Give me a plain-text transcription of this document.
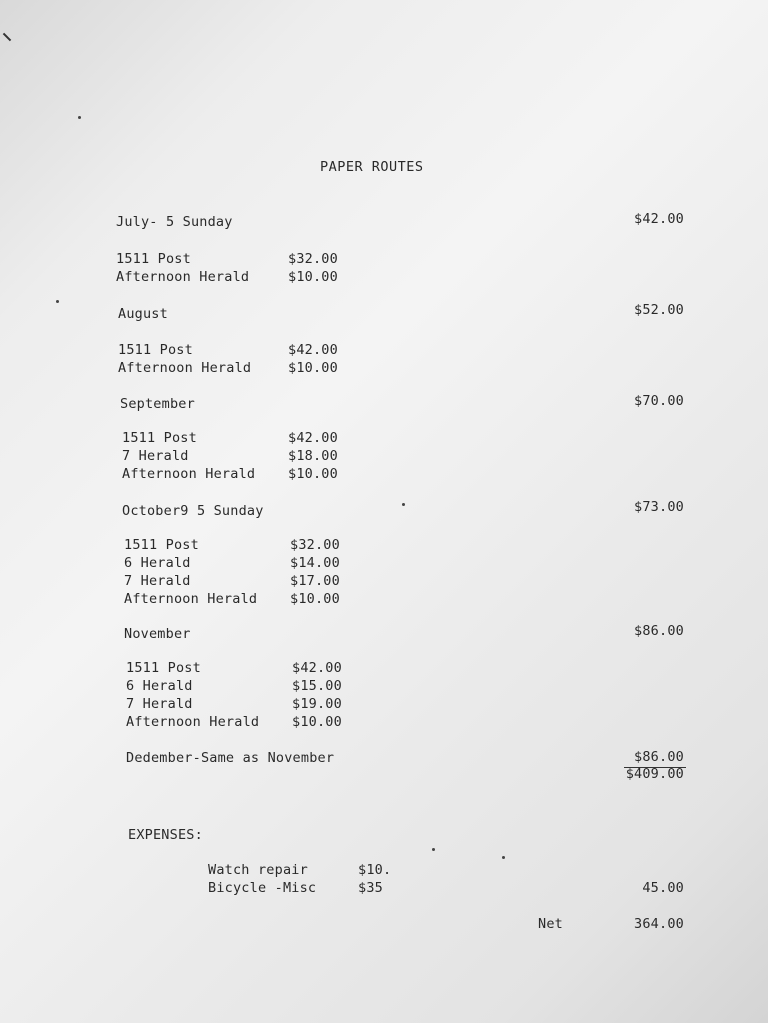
PAPER ROUTES
July- 5 Sunday	$42.00
1511 Post	$32.00
Afternoon Herald	$10.00
August	$52.00
1511 Post	$42.00
Afternoon Herald	$10.00
September	$70.00
1511 Post	$42.00
7 Herald	$18.00
Afternoon Herald $10.00
October9 5 Sunday	$73.00
1511 Post	$32.00
6 Herald	$14.00
7 Herald	$17.00
Afternoon Herald $10.00
November	$86.00
1511 Post	$42.00
6 Herald	$15.00
7 Herald	$19.00
Afternoon Herald $10.00
Dedember-Same as November	$86.00
$409.00
EXPENSES:
Watch repair	$10.
Bicycle -Misc	$35	45.00
Net	364.00
